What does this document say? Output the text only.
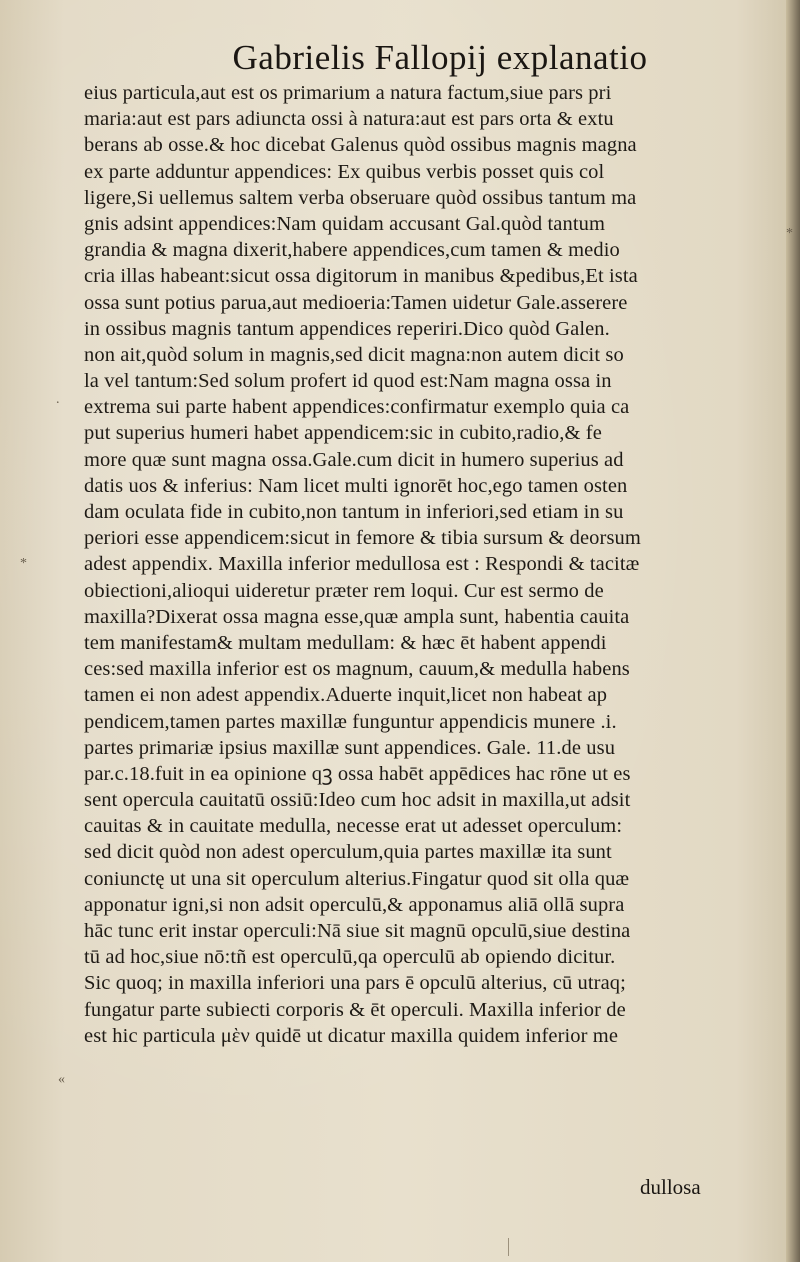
Gabrielis Fallopij explanatio
eius particula,aut est os primarium a natura factum,siue pars pri
maria:aut est pars adiuncta ossi à natura:aut est pars orta & extu
berans ab osse.& hoc dicebat Galenus quòd ossibus magnis magna
ex parte adduntur appendices: Ex quibus verbis posset quis col
ligere,Si uellemus saltem verba obseruare quòd ossibus tantum ma
gnis adsint appendices:Nam quidam accusant Gal.quòd tantum
grandia & magna dixerit,habere appendices,cum tamen & medio
cria illas habeant:sicut ossa digitorum in manibus &pedibus,Et ista
ossa sunt potius parua,aut medioeria:Tamen uidetur Gale.asserere
in ossibus magnis tantum appendices reperiri.Dico quòd Galen.
non ait,quòd solum in magnis,sed dicit magna:non autem dicit so
la vel tantum:Sed solum profert id quod est:Nam magna ossa in
extrema sui parte habent appendices:confirmatur exemplo quia ca
put superius humeri habet appendicem:sic in cubito,radio,& fe
more quæ sunt magna ossa.Gale.cum dicit in humero superius ad
datis uos & inferius: Nam licet multi ignorēt hoc,ego tamen osten
dam oculata fide in cubito,non tantum in inferiori,sed etiam in su
periori esse appendicem:sicut in femore & tibia sursum & deorsum
adest appendix. Maxilla inferior medullosa est : Respondi & tacitæ
obiectioni,alioqui uideretur præter rem loqui. Cur est sermo de
maxilla?Dixerat ossa magna esse,quæ ampla sunt, habentia cauita
tem manifestam& multam medullam: & hæc ēt habent appendi
ces:sed maxilla inferior est os magnum, cauum,& medulla habens
tamen ei non adest appendix.Aduerte inquit,licet non habeat ap
pendicem,tamen partes maxillæ funguntur appendicis munere .i.
partes primariæ ipsius maxillæ sunt appendices. Gale. 11.de usu
par.c.18.fuit in ea opinione qꝫ ossa habēt appēdices hac rōne ut es
sent opercula cauitatū ossiū:Ideo cum hoc adsit in maxilla,ut adsit
cauitas & in cauitate medulla, necesse erat ut adesset operculum:
sed dicit quòd non adest operculum,quia partes maxillæ ita sunt
coniunctę ut una sit operculum alterius.Fingatur quod sit olla quæ
apponatur igni,si non adsit operculū,& apponamus aliā ollā supra
hāc tunc erit instar operculi:Nā siue sit magnū opculū,siue destina
tū ad hoc,siue nō:tñ est operculū,qa operculū ab opiendo dicitur.
Sic quoq; in maxilla inferiori una pars ē opculū alterius, cū utraq;
fungatur parte subiecti corporis & ēt operculi. Maxilla inferior de
est hic particula μὲν quidē ut dicatur maxilla quidem inferior me
dullosa
*
.
*
«
